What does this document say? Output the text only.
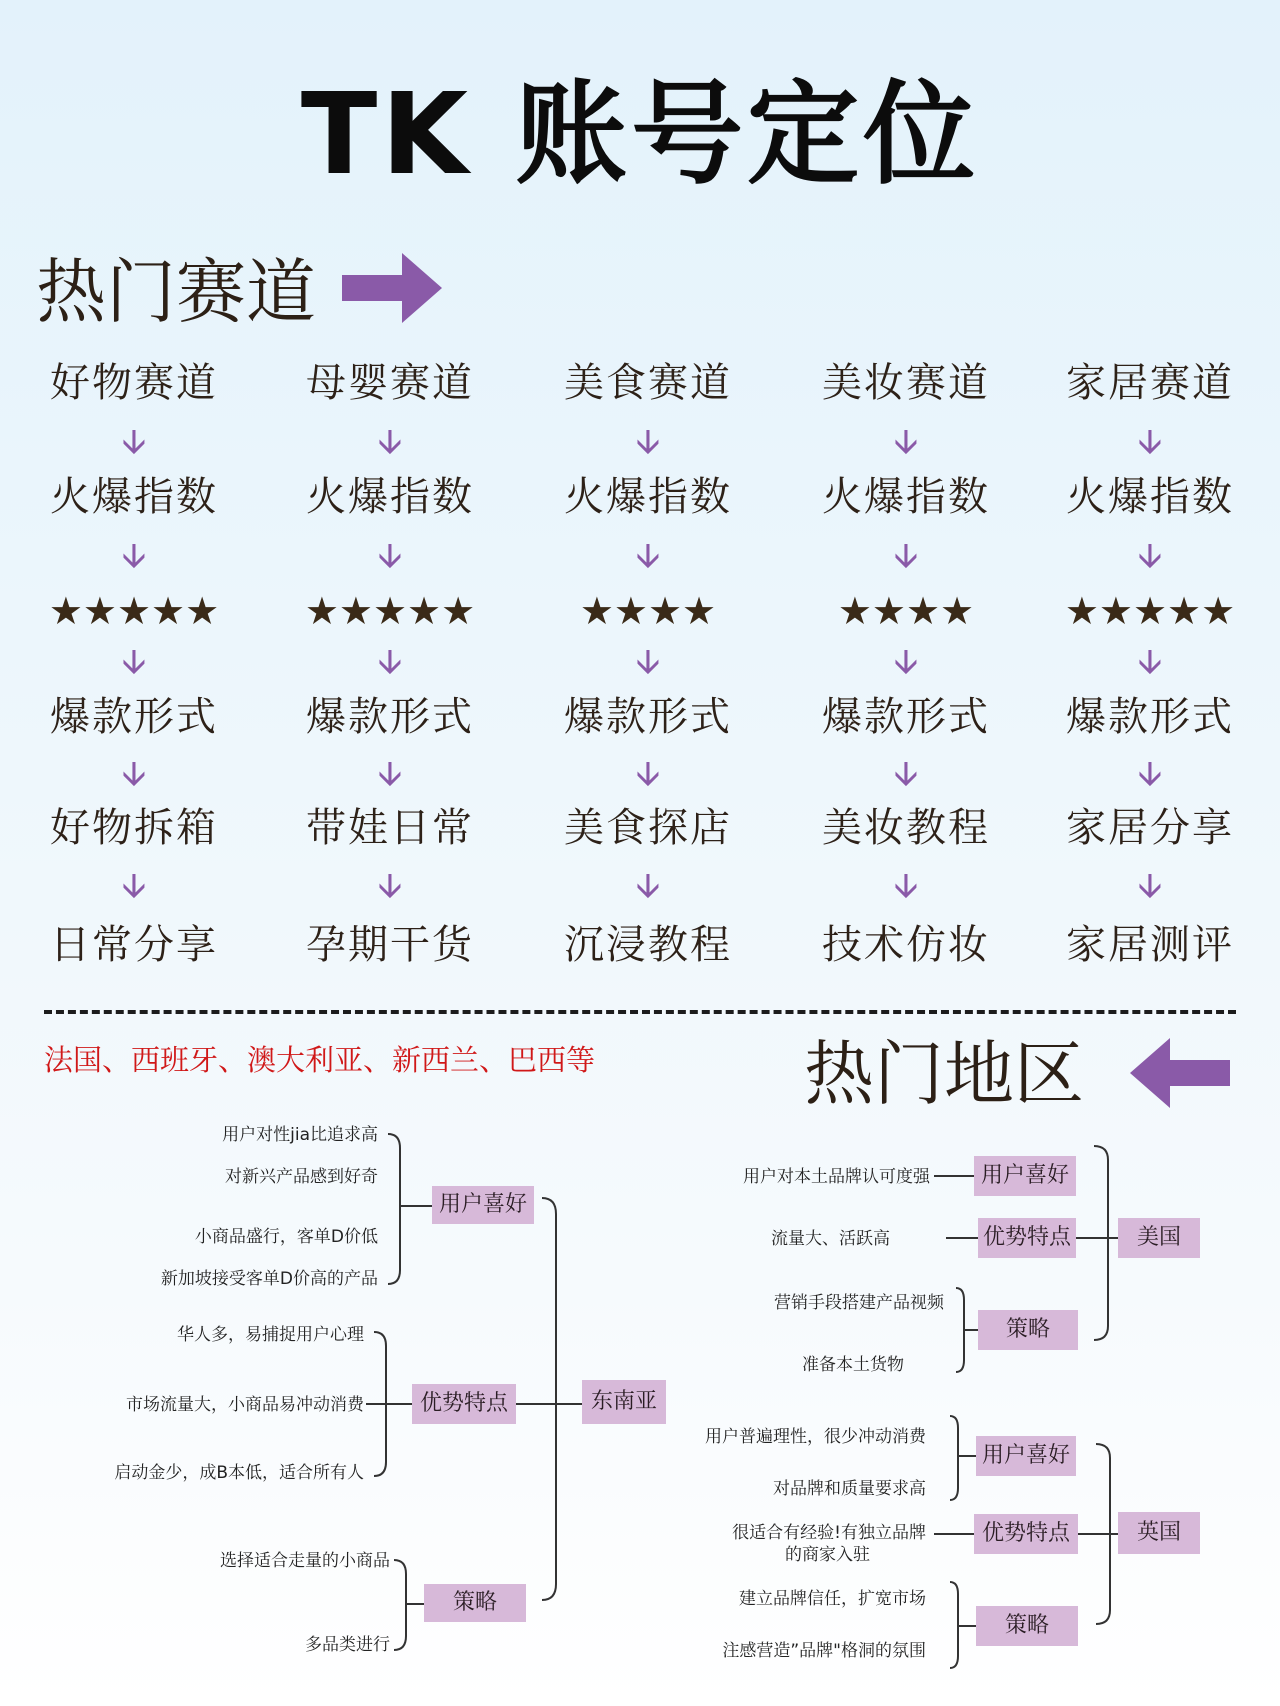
TK 账号定位
热门赛道
好物赛道
🡫
火爆指数
🡫
★★★★★
🡫
爆款形式
🡫
好物拆箱
🡫
日常分享
母婴赛道
🡫
火爆指数
🡫
★★★★★
🡫
爆款形式
🡫
带娃日常
🡫
孕期干货
美食赛道
🡫
火爆指数
🡫
★★★★
🡫
爆款形式
🡫
美食探店
🡫
沉浸教程
美妆赛道
🡫
火爆指数
🡫
★★★★
🡫
爆款形式
🡫
美妆教程
🡫
技术仿妆
家居赛道
🡫
火爆指数
🡫
★★★★★
🡫
爆款形式
🡫
家居分享
🡫
家居测评
法国、西班牙、澳大利亚、新西兰、巴西等	热门地区
用户对性jia比追求高
对新兴产品感到好奇
小商品盛行，客单D价低
新加坡接受客单D价高的产品
用户喜好
华人多，易捕捉用户心理
市场流量大，小商品易冲动消费
启动金少，成B本低，适合所有人
优势特点
选择适合走量的小商品
多品类进行
策略
东南亚
用户对本土品牌认可度强	用户喜好
流量大、活跃高	优势特点
营销手段搭建产品视频
准备本土货物
策略
美国
用户普遍理性，很少冲动消费
对品牌和质量要求高
用户喜好
很适合有经验!有独立品牌
的商家入驻
优势特点
建立品牌信任，扩宽市场
注感营造”品牌"格洞的氛围
策略
英国
